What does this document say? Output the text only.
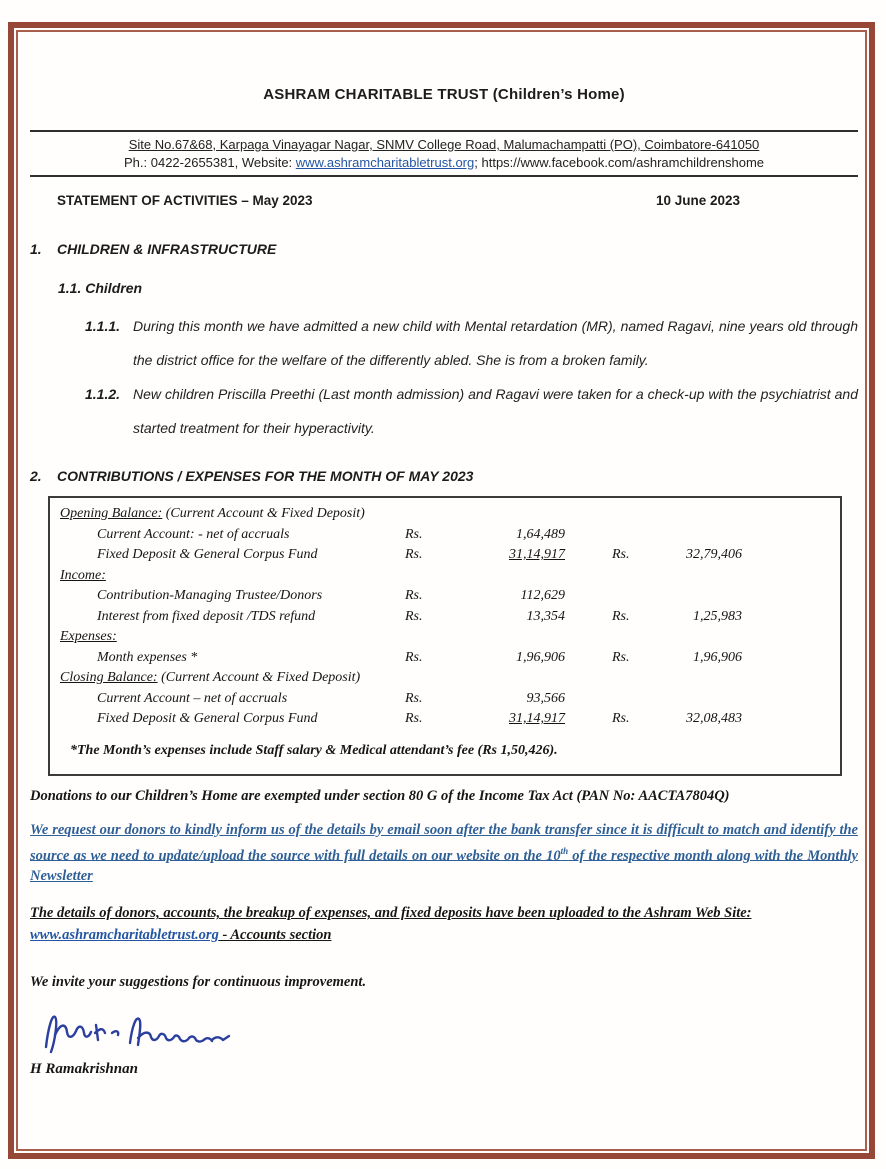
ASHRAM CHARITABLE TRUST (Children’s Home)
Site No.67&68, Karpaga Vinayagar Nagar, SNMV College Road, Malumachampatti (PO), Coimbatore-641050
Ph.: 0422-2655381, Website: www.ashramcharitabletrust.org; https://www.facebook.com/ashramchildrenshome
STATEMENT OF ACTIVITIES – May 2023	10 June 2023
1.	CHILDREN & INFRASTRUCTURE
1.1. Children
1.1.1. During this month we have admitted a new child with Mental retardation (MR), named Ragavi, nine years old through the district office for the welfare of the differently abled. She is from a broken family.
1.1.2. New children Priscilla Preethi (Last month admission) and Ragavi were taken for a check-up with the psychiatrist and started treatment for their hyperactivity.
2.	CONTRIBUTIONS / EXPENSES FOR THE MONTH OF MAY 2023
Opening Balance: (Current Account & Fixed Deposit)
Current Account: - net of accruals	Rs.	1,64,489
Fixed Deposit & General Corpus Fund	Rs.	31,14,917	Rs.	32,79,406
Income:
Contribution-Managing Trustee/Donors	Rs.	112,629
Interest from fixed deposit /TDS refund	Rs.	13,354	Rs.	1,25,983
Expenses:
Month expenses *	Rs.	1,96,906	Rs.	1,96,906
Closing Balance: (Current Account & Fixed Deposit)
Current Account – net of accruals	Rs.	93,566
Fixed Deposit & General Corpus Fund	Rs.	31,14,917	Rs.	32,08,483
*The Month’s expenses include Staff salary & Medical attendant’s fee (Rs 1,50,426).
Donations to our Children’s Home are exempted under section 80 G of the Income Tax Act (PAN No: AACTA7804Q)
We request our donors to kindly inform us of the details by email soon after the bank transfer since it is difficult to match and identify the source as we need to update/upload the source with full details on our website on the 10th of the respective month along with the Monthly Newsletter
The details of donors, accounts, the breakup of expenses, and fixed deposits have been uploaded to the Ashram Web Site: www.ashramcharitabletrust.org - Accounts section
We invite your suggestions for continuous improvement.
H Ramakrishnan
